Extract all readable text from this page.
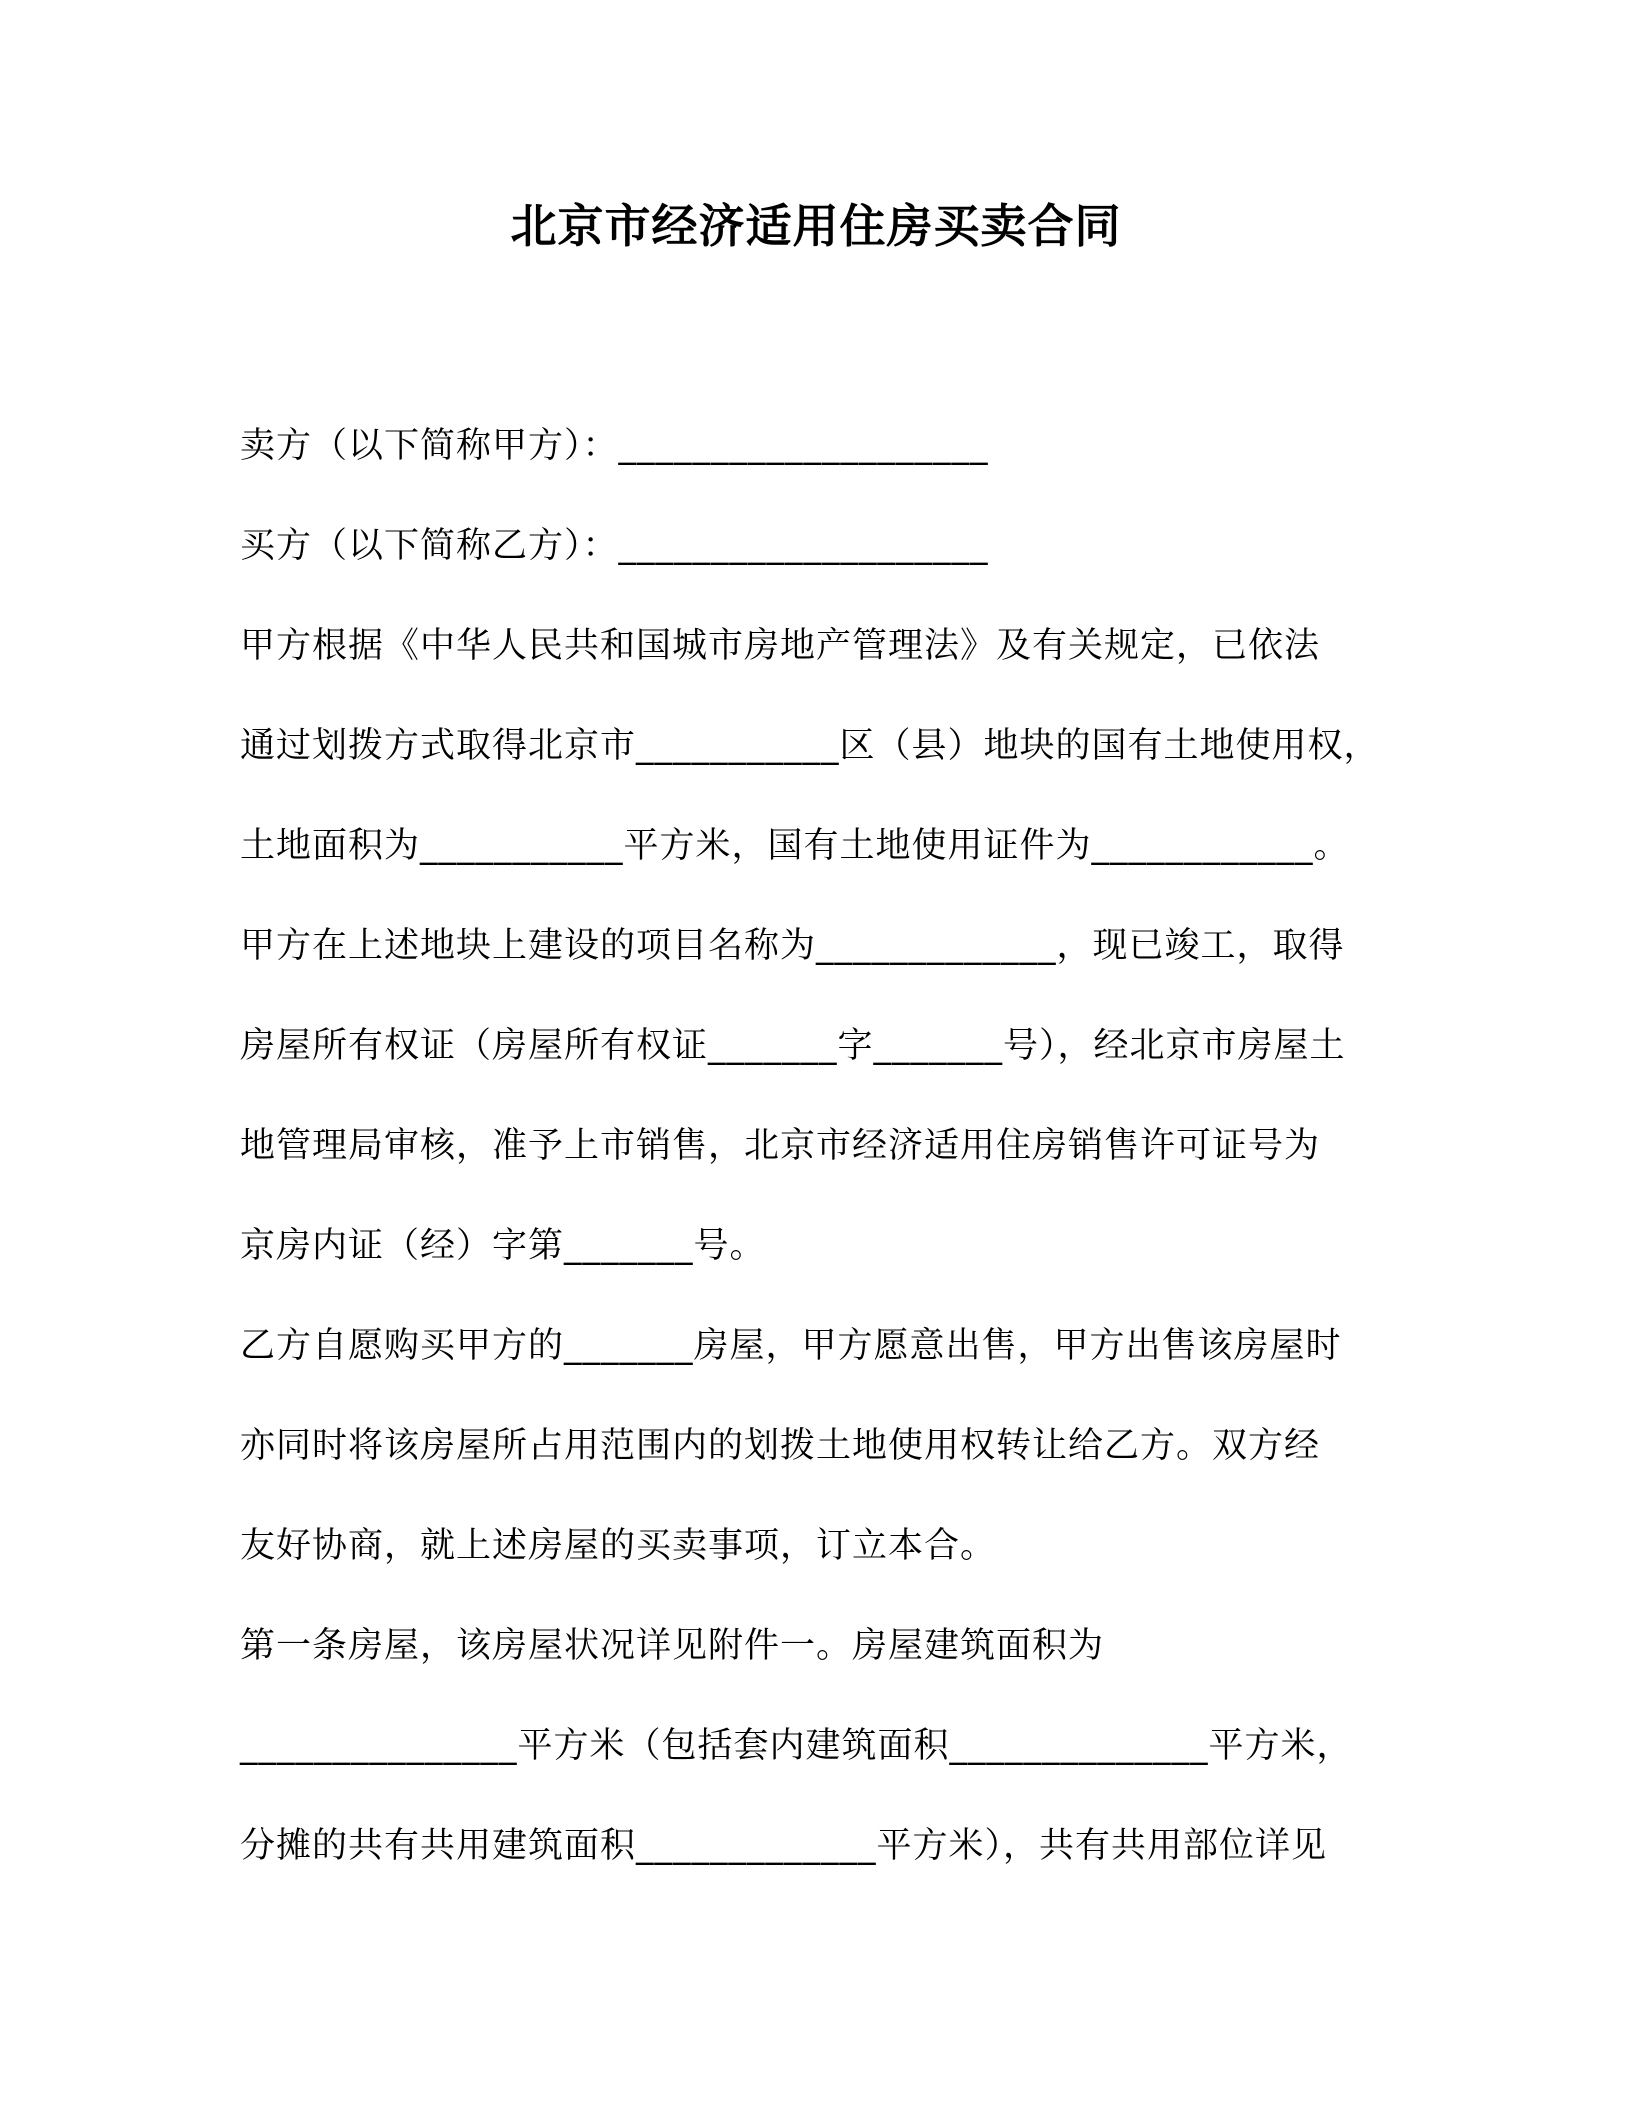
北京市经济适用住房买卖合同
卖方（以下简称甲方）：____________________
买方（以下简称乙方）：____________________
甲方根据《中华人民共和国城市房地产管理法》及有关规定，已依法
通过划拨方式取得北京市___________区（县）地块的国有土地使用权，
土地面积为___________平方米，国有土地使用证件为____________。
甲方在上述地块上建设的项目名称为_____________，现已竣工，取得
房屋所有权证（房屋所有权证_______字_______号），经北京市房屋土
地管理局审核，准予上市销售，北京市经济适用住房销售许可证号为
京房内证（经）字第_______号。
乙方自愿购买甲方的_______房屋，甲方愿意出售，甲方出售该房屋时
亦同时将该房屋所占用范围内的划拨土地使用权转让给乙方。双方经
友好协商，就上述房屋的买卖事项，订立本合。
第一条房屋，该房屋状况详见附件一。房屋建筑面积为
_______________平方米（包括套内建筑面积______________平方米，
分摊的共有共用建筑面积_____________平方米），共有共用部位详见
